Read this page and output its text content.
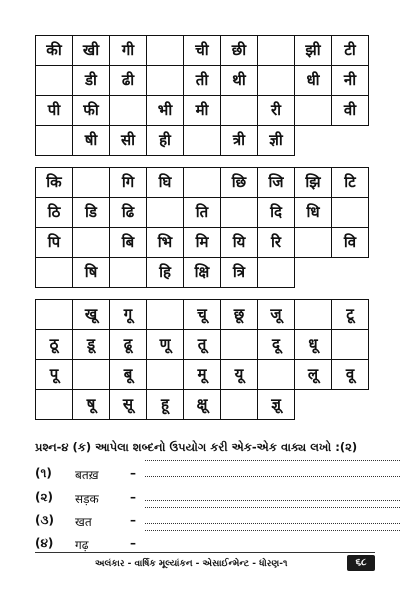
की	खी	गी		ची	छी		झी	टी
	डी	ढी		ती	थी		धी	नी
पी	फी		भी	मी		री		वी
	षी	सी	ही		त्री	ज्ञी		
कि		गि	घि		छि	जि	झि	टि
ठि	डि	ढि		ति		दि	धि	
पि		बि	भि	मि	यि	रि		वि
	षि		हि	क्षि	त्रि			
	खू	गू		चू	छू	जू		टू
ठू	डू	ढू	णू	तू		दू	धू	
पू		बू		मू	यू		लू	वू
	षू	सू	हू	क्षू		ज्ञू		
પ્રશ્ન-૪ (ક) આપેલા શબ્દનો ઉપયોગ કરી એક-એક વાક્ય લખો :(૨)
(૧) बतख़	–
(૨) सड़क	–
(૩) खत	–
(૪) गढ़	–
અલંકાર - વાર્ષિક મૂલ્યાંકન - એસાઈન્મેન્ટ - ધોરણ-૧	૬૮
